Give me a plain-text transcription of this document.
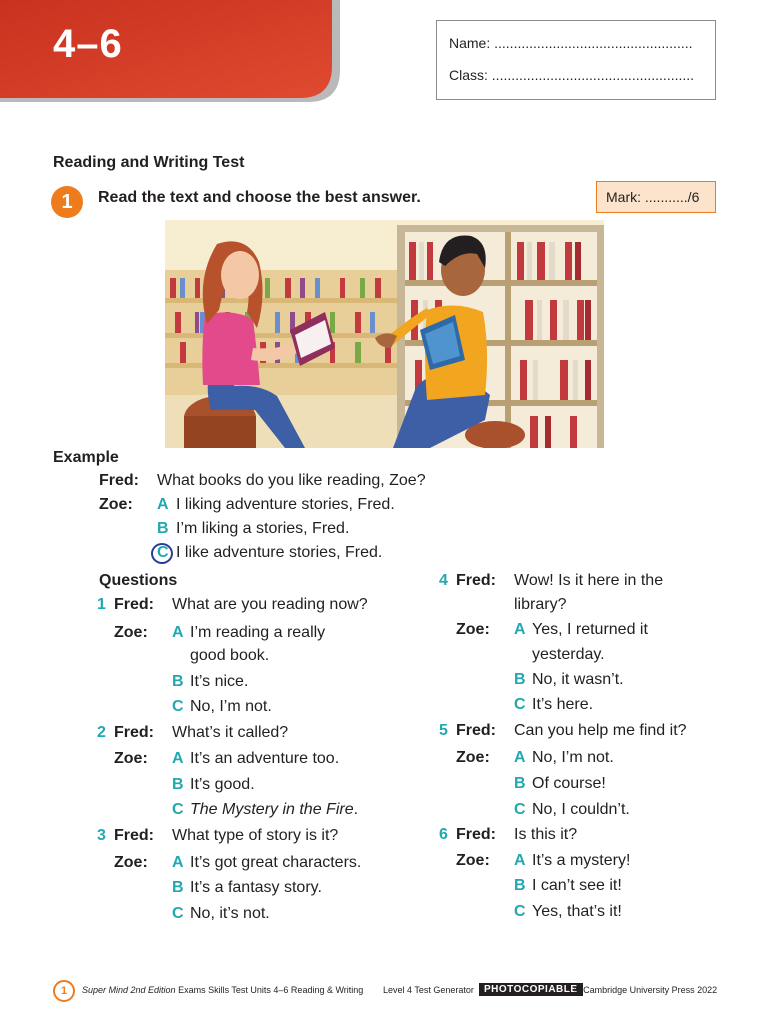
4–6	Name: ...................................................
Class: ....................................................
Reading and Writing Test
1	Read the text and choose the best answer.	Mark: .........../6
Example
Fred: What books do you like reading, Zoe?
Zoe: A I liking adventure stories, Fred.
B I’m liking a stories, Fred.
C I like adventure stories, Fred.
Questions
1 Fred: What are you reading now?
Zoe: A I’m reading a really
good book.
B It’s nice.
C No, I’m not.
2 Fred: What’s it called?
Zoe: A It’s an adventure too.
B It’s good.
C The Mystery in the Fire.
3 Fred: What type of story is it?
Zoe: A It’s got great characters.
B It’s a fantasy story.
C No, it’s not.
4 Fred: Wow! Is it here in the
library?
Zoe: A Yes, I returned it
yesterday.
B No, it wasn’t.
C It’s here.
5 Fred: Can you help me find it?
Zoe: A No, I’m not.
B Of course!
C No, I couldn’t.
6 Fred: Is this it?
Zoe: A It’s a mystery!
B I can’t see it!
C Yes, that’s it!
1	Super Mind 2nd Edition Exams Skills Test Units 4–6 Reading & Writing Level 4 Test Generator	PHOTOCOPIABLE
© Cambridge University Press 2022
